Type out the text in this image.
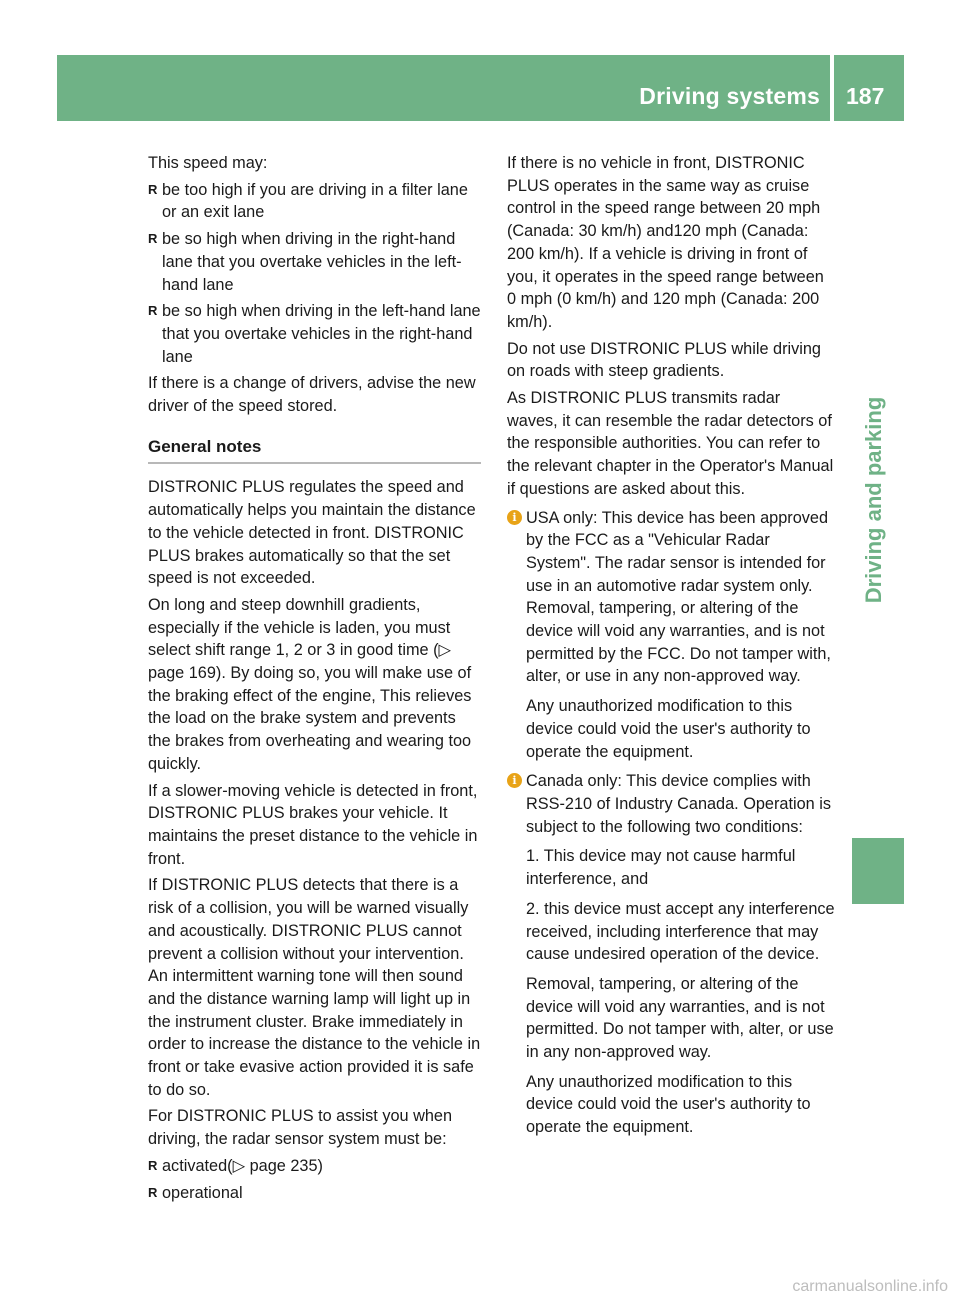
Driving systems 187
Driving and parking

This speed may:

R be too high if you are driving in a filter lane or an exit lane
R be so high when driving in the right-hand lane that you overtake vehicles in the left-hand lane
R be so high when driving in the left-hand lane that you overtake vehicles in the right-hand lane

If there is a change of drivers, advise the new driver of the speed stored.

General notes

DISTRONIC PLUS regulates the speed and automatically helps you maintain the distance to the vehicle detected in front. DISTRONIC PLUS brakes automatically so that the set speed is not exceeded.

On long and steep downhill gradients, especially if the vehicle is laden, you must select shift range 1, 2 or 3 in good time (▷ page 169). By doing so, you will make use of the braking effect of the engine, This relieves the load on the brake system and prevents the brakes from overheating and wearing too quickly.

If a slower-moving vehicle is detected in front, DISTRONIC PLUS brakes your vehicle. It maintains the preset distance to the vehicle in front.

If DISTRONIC PLUS detects that there is a risk of a collision, you will be warned visually and acoustically. DISTRONIC PLUS cannot prevent a collision without your intervention. An intermittent warning tone will then sound and the distance warning lamp will light up in the instrument cluster. Brake immediately in order to increase the distance to the vehicle in front or take evasive action provided it is safe to do so.

For DISTRONIC PLUS to assist you when driving, the radar sensor system must be:

R activated(▷ page 235)
R operational

If there is no vehicle in front, DISTRONIC PLUS operates in the same way as cruise control in the speed range between 20 mph (Canada: 30 km/h) and120 mph (Canada: 200 km/h). If a vehicle is driving in front of you, it operates in the speed range between 0 mph (0 km/h) and 120 mph (Canada: 200 km/h).

Do not use DISTRONIC PLUS while driving on roads with steep gradients.

As DISTRONIC PLUS transmits radar waves, it can resemble the radar detectors of the responsible authorities. You can refer to the relevant chapter in the Operator's Manual if questions are asked about this.

i USA only: This device has been approved by the FCC as a "Vehicular Radar System". The radar sensor is intended for use in an automotive radar system only. Removal, tampering, or altering of the device will void any warranties, and is not permitted by the FCC. Do not tamper with, alter, or use in any non-approved way.

Any unauthorized modification to this device could void the user's authority to operate the equipment.

i Canada only: This device complies with RSS-210 of Industry Canada. Operation is subject to the following two conditions:

1. This device may not cause harmful interference, and

2. this device must accept any interference received, including interference that may cause undesired operation of the device.

Removal, tampering, or altering of the device will void any warranties, and is not permitted. Do not tamper with, alter, or use in any non-approved way.

Any unauthorized modification to this device could void the user's authority to operate the equipment.

carmanualsonline.info
